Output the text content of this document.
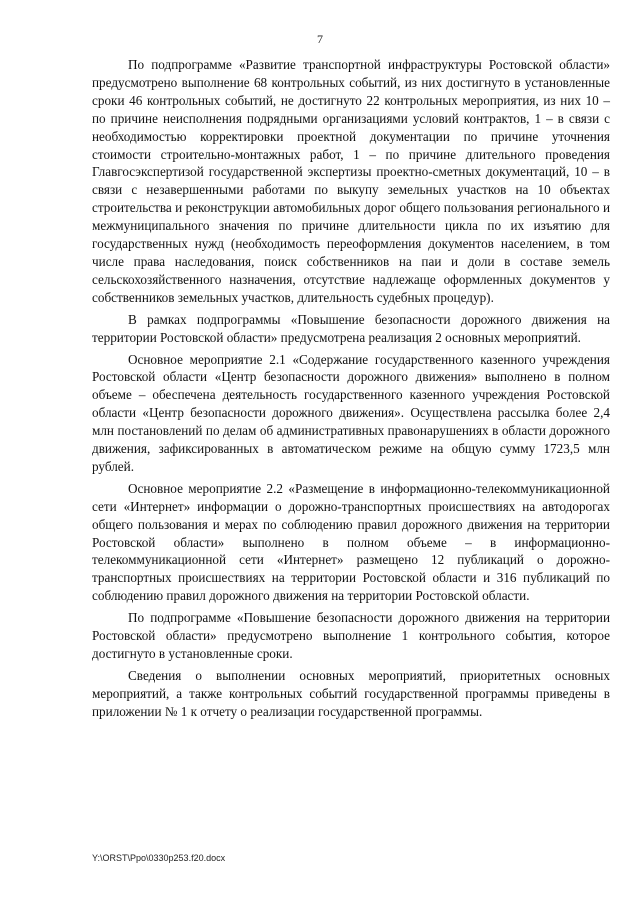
7

По подпрограмме «Развитие транспортной инфраструктуры Ростовской области» предусмотрено выполнение 68 контрольных событий, из них достигнуто в установленные сроки 46 контрольных событий, не достигнуто 22 контрольных мероприятия, из них 10 – по причине неисполнения подрядными организациями условий контрактов, 1 – в связи с необходимостью корректировки проектной документации по причине уточнения стоимости строительно-монтажных работ, 1 – по причине длительного проведения Главгосэкспертизой государственной экспертизы проектно-сметных документаций, 10 – в связи с незавершенными работами по выкупу земельных участков на 10 объектах строительства и реконструкции автомобильных дорог общего пользования регионального и межмуниципального значения по причине длительности цикла по их изъятию для государственных нужд (необходимость переоформления документов населением, в том числе права наследования, поиск собственников на паи и доли в составе земель сельскохозяйственного назначения, отсутствие надлежаще оформленных документов у собственников земельных участков, длительность судебных процедур).

В рамках подпрограммы «Повышение безопасности дорожного движения на территории Ростовской области» предусмотрена реализация 2 основных мероприятий.

Основное мероприятие 2.1 «Содержание государственного казенного учреждения Ростовской области «Центр безопасности дорожного движения» выполнено в полном объеме – обеспечена деятельность государственного казенного учреждения Ростовской области «Центр безопасности дорожного движения». Осуществлена рассылка более 2,4 млн постановлений по делам об административных правонарушениях в области дорожного движения, зафиксированных в автоматическом режиме на общую сумму 1723,5 млн рублей.

Основное мероприятие 2.2 «Размещение в информационно-телекоммуникационной сети «Интернет» информации о дорожно-транспортных происшествиях на автодорогах общего пользования и мерах по соблюдению правил дорожного движения на территории Ростовской области» выполнено в полном объеме – в информационно-телекоммуникационной сети «Интернет» размещено 12 публикаций о дорожно-транспортных происшествиях на территории Ростовской области и 316 публикаций по соблюдению правил дорожного движения на территории Ростовской области.

По подпрограмме «Повышение безопасности дорожного движения на территории Ростовской области» предусмотрено выполнение 1 контрольного события, которое достигнуто в установленные сроки.

Сведения о выполнении основных мероприятий, приоритетных основных мероприятий, а также контрольных событий государственной программы приведены в приложении № 1 к отчету о реализации государственной программы.

Y:\ORST\Ppo\0330p253.f20.docx
